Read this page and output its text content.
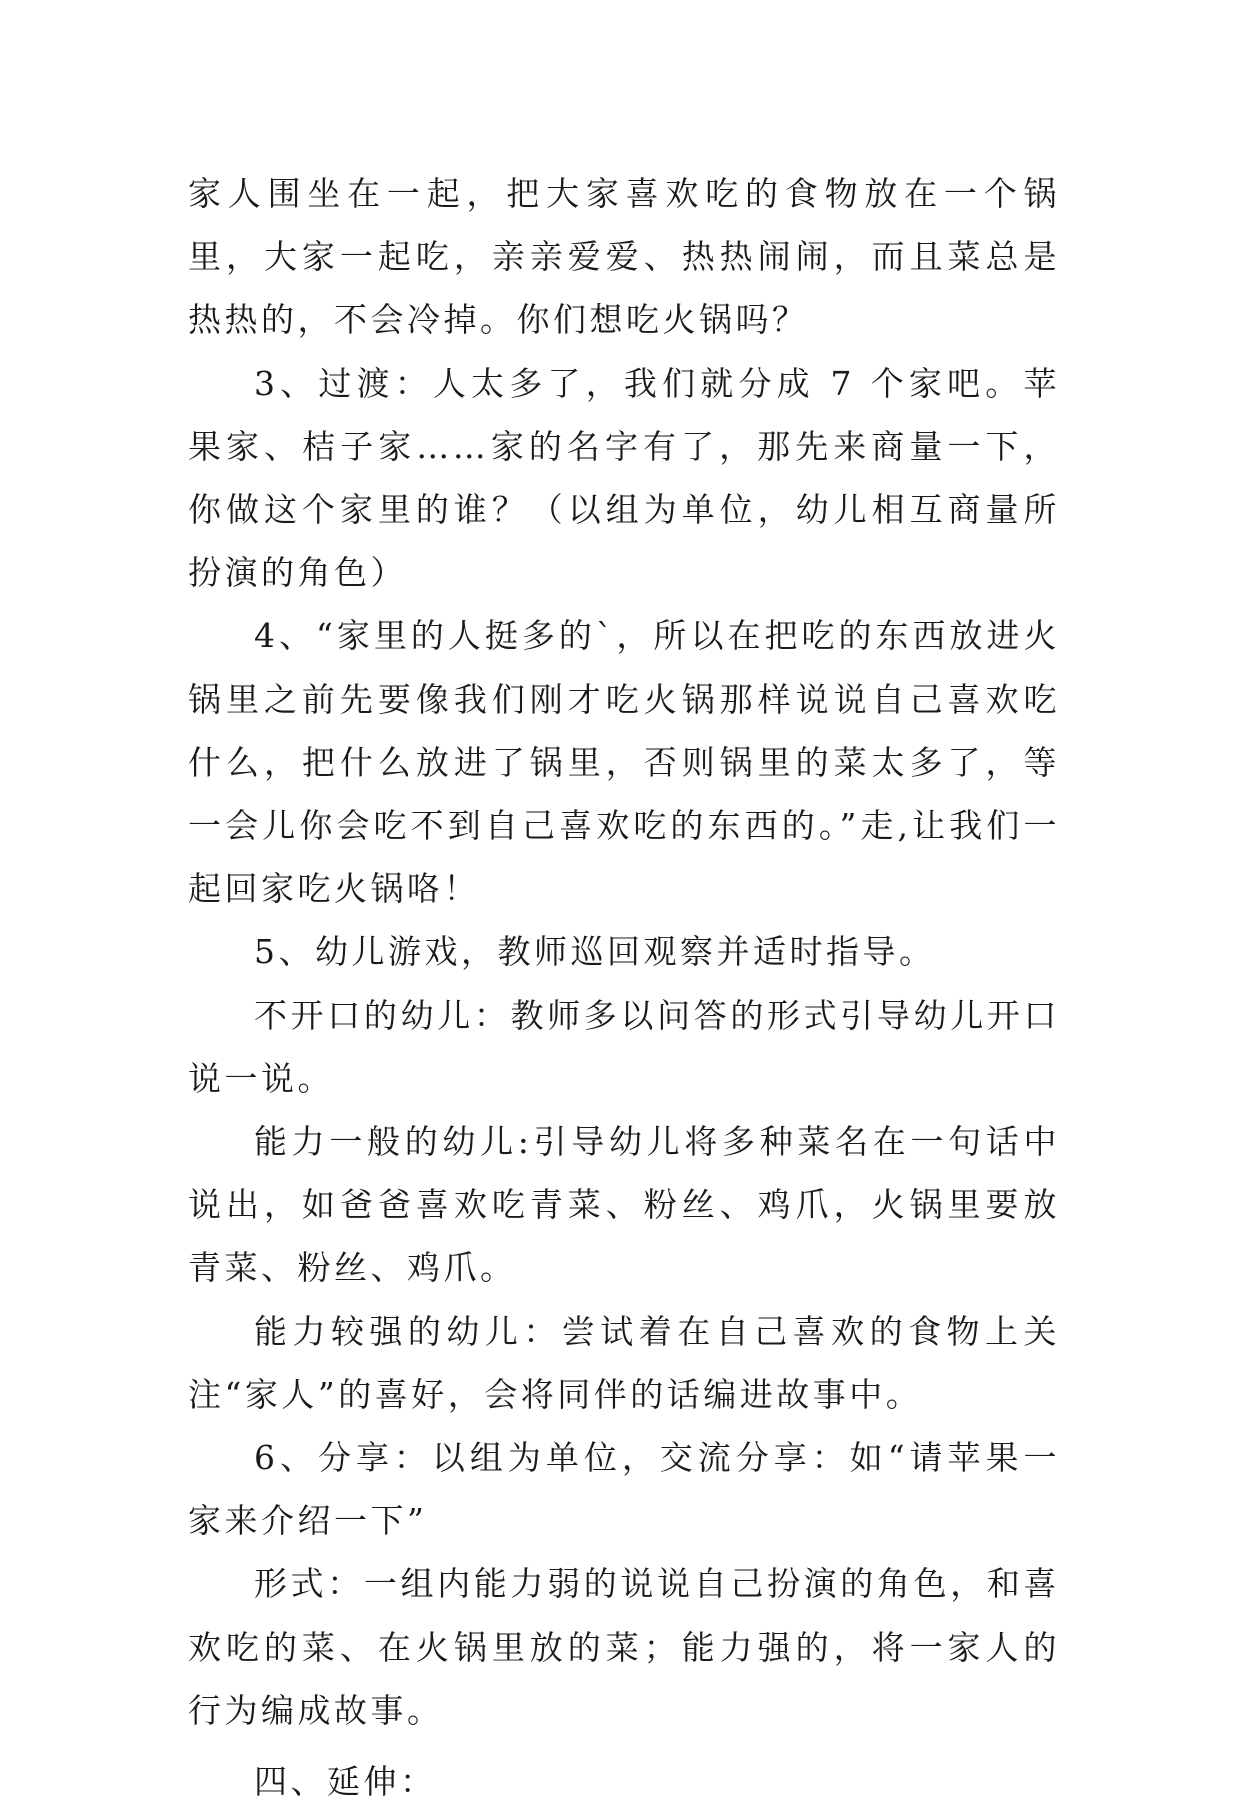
家人围坐在一起，把大家喜欢吃的食物放在一个锅里，大家一起吃，亲亲爱爱、热热闹闹，而且菜总是热热的，不会冷掉。你们想吃火锅吗？

3、过渡：人太多了，我们就分成 7 个家吧。苹果家、桔子家……家的名字有了，那先来商量一下，你做这个家里的谁？（以组为单位，幼儿相互商量所扮演的角色）

4、“家里的人挺多的`，所以在把吃的东西放进火锅里之前先要像我们刚才吃火锅那样说说自己喜欢吃什么，把什么放进了锅里，否则锅里的菜太多了，等一会儿你会吃不到自己喜欢吃的东西的。”走,让我们一起回家吃火锅咯！

5、幼儿游戏，教师巡回观察并适时指导。

不开口的幼儿：教师多以问答的形式引导幼儿开口说一说。

能力一般的幼儿:引导幼儿将多种菜名在一句话中说出，如爸爸喜欢吃青菜、粉丝、鸡爪，火锅里要放青菜、粉丝、鸡爪。

能力较强的幼儿：尝试着在自己喜欢的食物上关注“家人”的喜好，会将同伴的话编进故事中。

6、分享：以组为单位，交流分享：如“请苹果一家来介绍一下”

形式：一组内能力弱的说说自己扮演的角色，和喜欢吃的菜、在火锅里放的菜；能力强的，将一家人的行为编成故事。

四、延伸：
